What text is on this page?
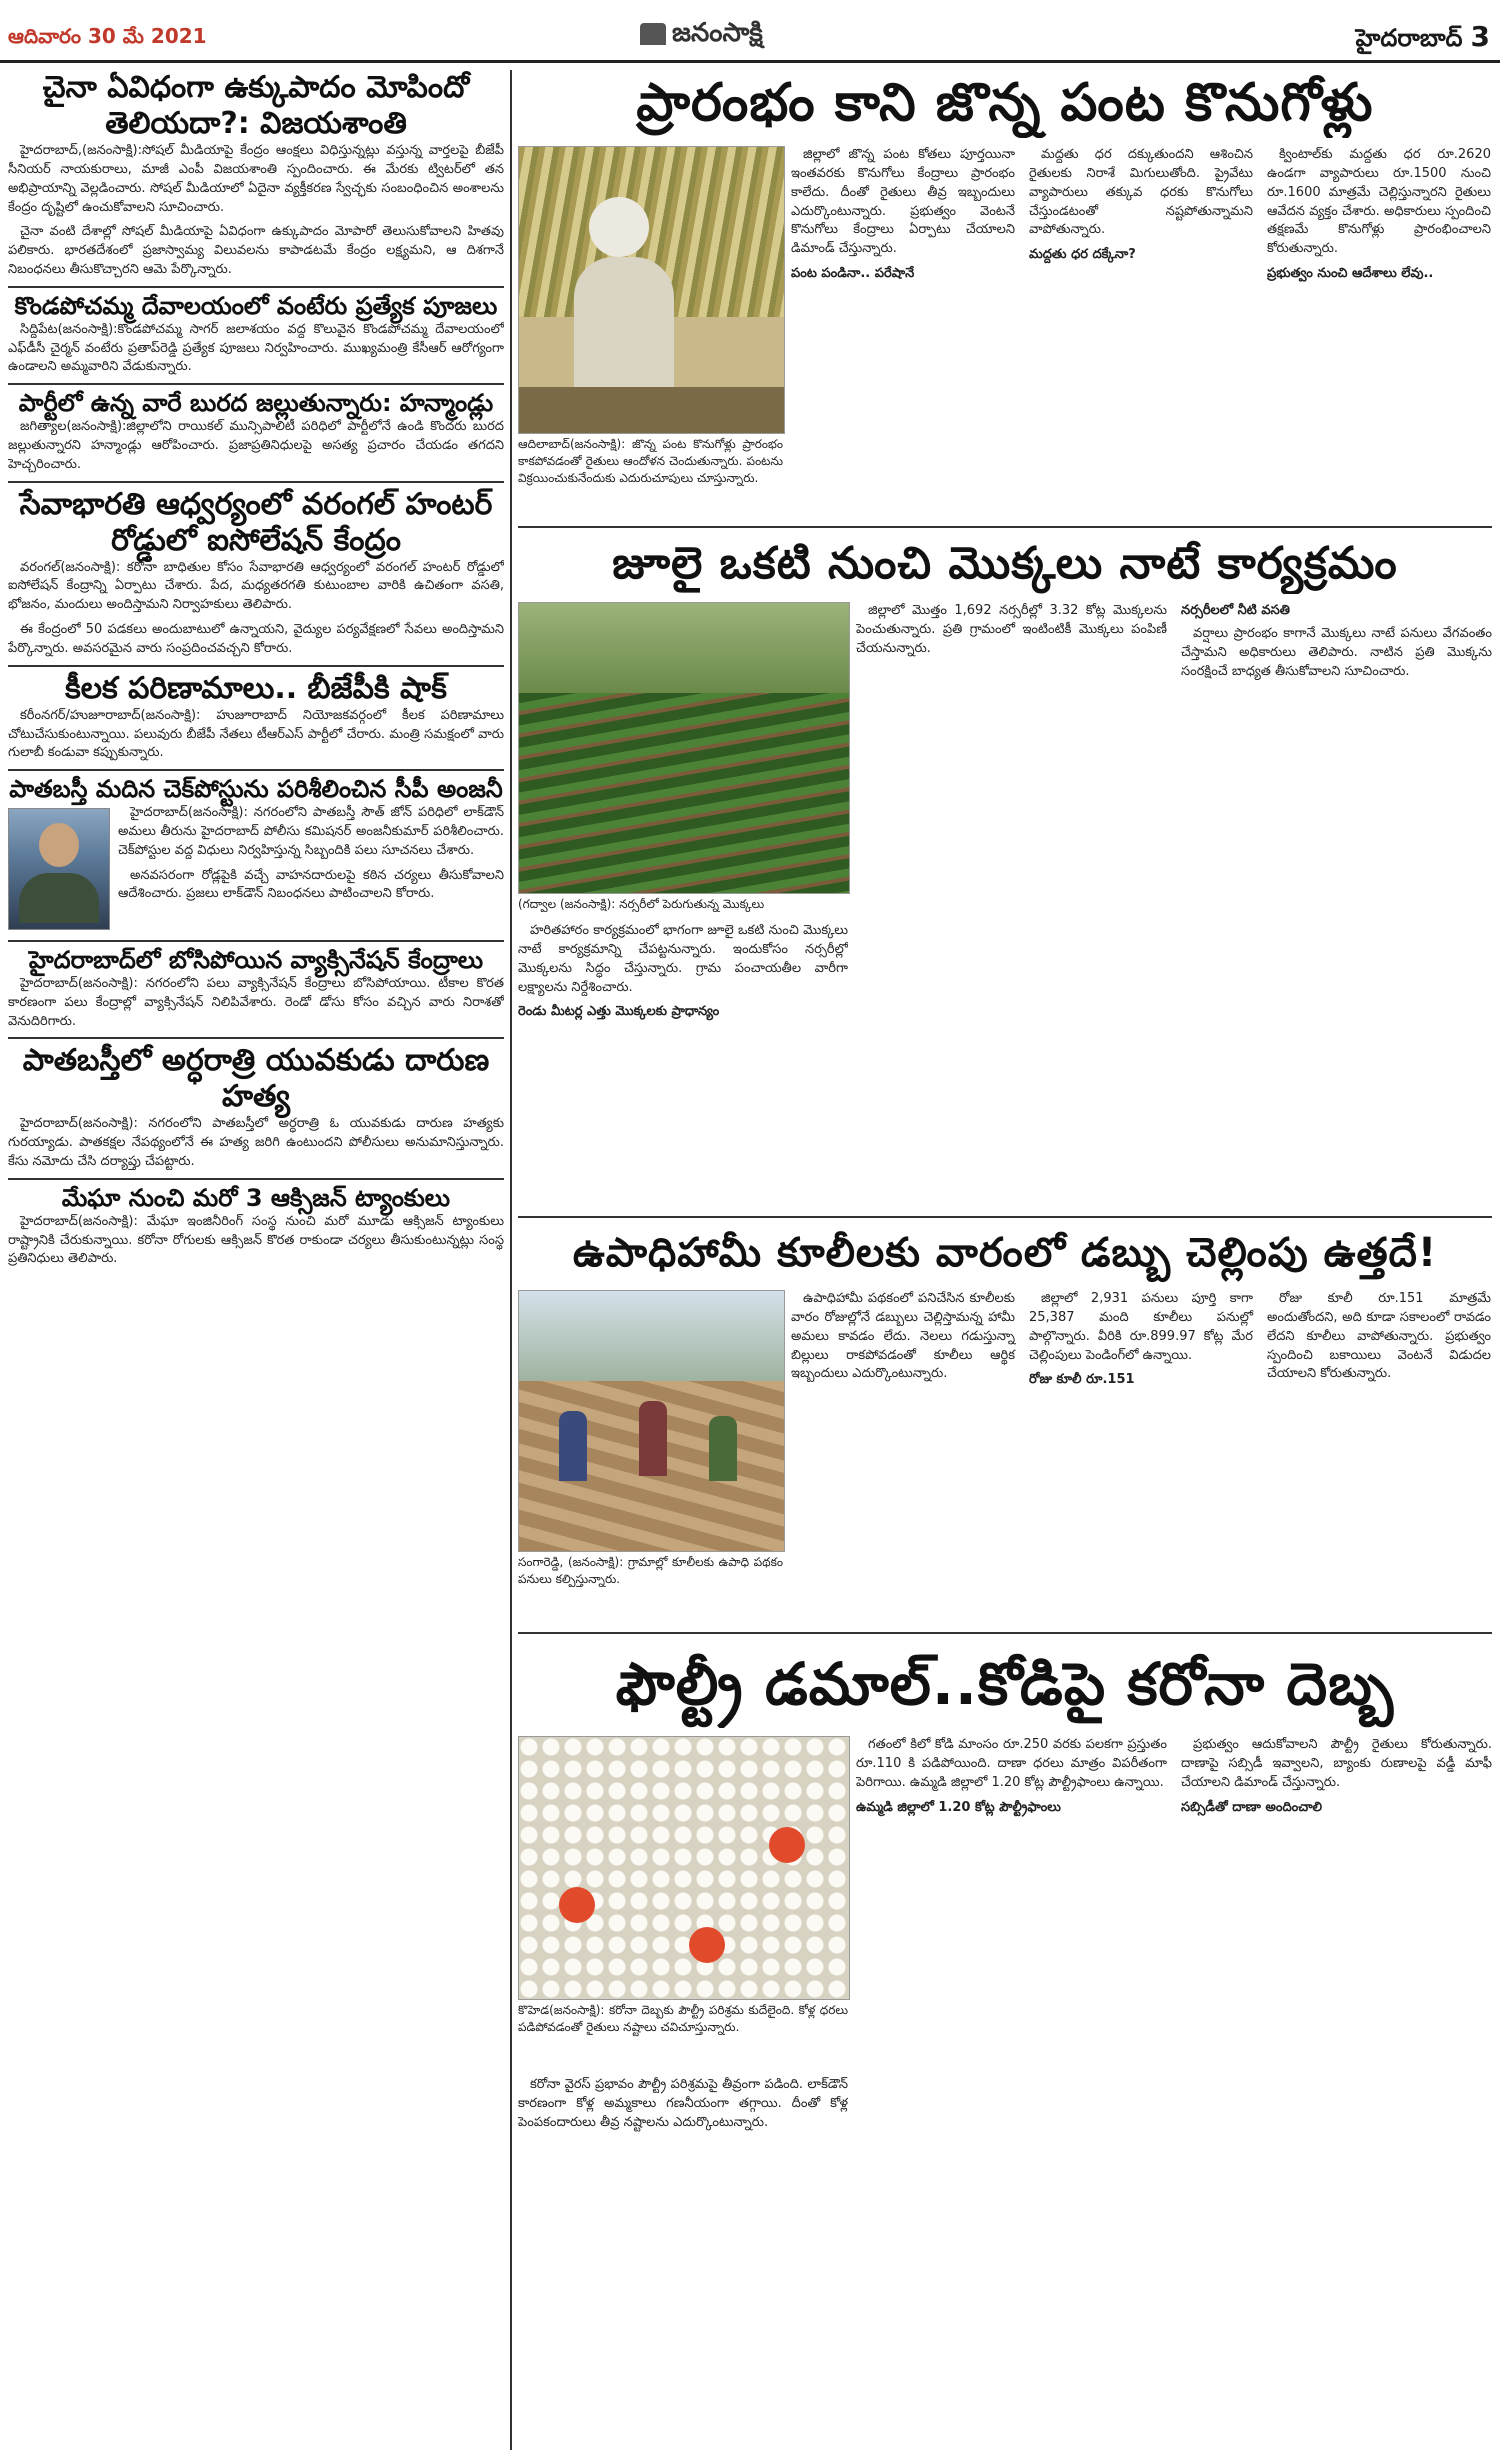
ఆదివారం 30 మే 2021	జనంసాక్షి	హైదరాబాద్ 3
చైనా ఏవిధంగా ఉక్కుపాదం మోపిందో తెలియదా?: విజయశాంతి

హైదరాబాద్‌,(జనంసాక్షి):సోషల్‌ మీడియాపై కేంద్రం ఆంక్షలు విధిస్తున్నట్లు వస్తున్న వార్తలపై బీజేపీ సీనియర్‌ నాయకురాలు, మాజీ ఎంపీ విజయశాంతి స్పందించారు. ఈ మేరకు ట్విటర్‌లో తన అభిప్రాయాన్ని వెల్లడించారు. సోషల్‌ మీడియాలో ఏదైనా వ్యక్తీకరణ స్వేచ్ఛకు సంబంధించిన అంశాలను కేంద్రం దృష్టిలో ఉంచుకోవాలని సూచించారు.

చైనా వంటి దేశాల్లో సోషల్‌ మీడియాపై ఏవిధంగా ఉక్కుపాదం మోపారో తెలుసుకోవాలని హితవు పలికారు. భారతదేశంలో ప్రజాస్వామ్య విలువలను కాపాడటమే కేంద్రం లక్ష్యమని, ఆ దిశగానే నిబంధనలు తీసుకొచ్చారని ఆమె పేర్కొన్నారు.

కొండపోచమ్మ దేవాలయంలో వంటేరు ప్రత్యేక పూజలు

సిద్దిపేట(జనంసాక్షి):కొండపోచమ్మ సాగర్‌ జలాశయం వద్ద కొలువైన కొండపోచమ్మ దేవాలయంలో ఎఫ్‌డీసీ చైర్మన్‌ వంటేరు ప్రతాప్‌రెడ్డి ప్రత్యేక పూజలు నిర్వహించారు. ముఖ్యమంత్రి కేసీఆర్‌ ఆరోగ్యంగా ఉండాలని అమ్మవారిని వేడుకున్నారు.

పార్టీలో ఉన్న వారే బురద జల్లుతున్నారు: హన్మాండ్లు

జగిత్యాల(జనంసాక్షి):జిల్లాలోని రాయికల్‌ మున్సిపాలిటీ పరిధిలో పార్టీలోనే ఉండి కొందరు బురద జల్లుతున్నారని హన్మాండ్లు ఆరోపించారు. ప్రజాప్రతినిధులపై అసత్య ప్రచారం చేయడం తగదని హెచ్చరించారు.

సేవాభారతి ఆధ్వర్యంలో వరంగల్‌ హంటర్‌ రోడ్డులో ఐసోలేషన్‌ కేంద్రం

వరంగల్‌(జనంసాక్షి): కరోనా బాధితుల కోసం సేవాభారతి ఆధ్వర్యంలో వరంగల్‌ హంటర్‌ రోడ్డులో ఐసోలేషన్‌ కేంద్రాన్ని ఏర్పాటు చేశారు. పేద, మధ్యతరగతి కుటుంబాల వారికి ఉచితంగా వసతి, భోజనం, మందులు అందిస్తామని నిర్వాహకులు తెలిపారు.

ఈ కేంద్రంలో 50 పడకలు అందుబాటులో ఉన్నాయని, వైద్యుల పర్యవేక్షణలో సేవలు అందిస్తామని పేర్కొన్నారు. అవసరమైన వారు సంప్రదించవచ్చని కోరారు.

కీలక పరిణామాలు.. బీజేపీకి షాక్‌

కరీంనగర్‌/హుజూరాబాద్‌(జనంసాక్షి): హుజూరాబాద్‌ నియోజకవర్గంలో కీలక పరిణామాలు చోటుచేసుకుంటున్నాయి. పలువురు బీజేపీ నేతలు టీఆర్‌ఎస్‌ పార్టీలో చేరారు. మంత్రి సమక్షంలో వారు గులాబీ కండువా కప్పుకున్నారు.

పాతబస్తీ మదిన చెక్‌పోస్టును పరిశీలించిన సీపీ అంజనీ

హైదరాబాద్‌(జనంసాక్షి): నగరంలోని పాతబస్తీ సౌత్‌ జోన్‌ పరిధిలో లాక్‌డౌన్‌ అమలు తీరును హైదరాబాద్‌ పోలీసు కమిషనర్‌ అంజనీకుమార్‌ పరిశీలించారు. చెక్‌పోస్టుల వద్ద విధులు నిర్వహిస్తున్న సిబ్బందికి పలు సూచనలు చేశారు.

అనవసరంగా రోడ్లపైకి వచ్చే వాహనదారులపై కఠిన చర్యలు తీసుకోవాలని ఆదేశించారు. ప్రజలు లాక్‌డౌన్‌ నిబంధనలు పాటించాలని కోరారు.

హైదరాబాద్‌లో బోసిపోయిన వ్యాక్సినేషన్‌ కేంద్రాలు

హైదరాబాద్‌(జనంసాక్షి): నగరంలోని పలు వ్యాక్సినేషన్‌ కేంద్రాలు బోసిపోయాయి. టీకాల కొరత కారణంగా పలు కేంద్రాల్లో వ్యాక్సినేషన్‌ నిలిపివేశారు. రెండో డోసు కోసం వచ్చిన వారు నిరాశతో వెనుదిరిగారు.

పాతబస్తీలో అర్ధరాత్రి యువకుడు దారుణ హత్య

హైదరాబాద్‌(జనంసాక్షి): నగరంలోని పాతబస్తీలో అర్ధరాత్రి ఓ యువకుడు దారుణ హత్యకు గురయ్యాడు. పాతకక్షల నేపథ్యంలోనే ఈ హత్య జరిగి ఉంటుందని పోలీసులు అనుమానిస్తున్నారు. కేసు నమోదు చేసి దర్యాప్తు చేపట్టారు.

మేఘా నుంచి మరో 3 ఆక్సిజన్‌ ట్యాంకులు

హైదరాబాద్‌(జనంసాక్షి): మేఘా ఇంజినీరింగ్‌ సంస్థ నుంచి మరో మూడు ఆక్సిజన్‌ ట్యాంకులు రాష్ట్రానికి చేరుకున్నాయి. కరోనా రోగులకు ఆక్సిజన్‌ కొరత రాకుండా చర్యలు తీసుకుంటున్నట్లు సంస్థ ప్రతినిధులు తెలిపారు.

ప్రారంభం కాని జొన్న పంట కొనుగోళ్లు
ఆదిలాబాద్‌(జనంసాక్షి): జొన్న పంట కొనుగోళ్లు ప్రారంభం కాకపోవడంతో రైతులు ఆందోళన చెందుతున్నారు. పంటను విక్రయించుకునేందుకు ఎదురుచూపులు చూస్తున్నారు.

జిల్లాలో జొన్న పంట కోతలు పూర్తయినా ఇంతవరకు కొనుగోలు కేంద్రాలు ప్రారంభం కాలేదు. దీంతో రైతులు తీవ్ర ఇబ్బందులు ఎదుర్కొంటున్నారు. ప్రభుత్వం వెంటనే కొనుగోలు కేంద్రాలు ఏర్పాటు చేయాలని డిమాండ్‌ చేస్తున్నారు.

పంట పండినా.. పరేషానే

మద్దతు ధర దక్కుతుందని ఆశించిన రైతులకు నిరాశే మిగులుతోంది. ప్రైవేటు వ్యాపారులు తక్కువ ధరకు కొనుగోలు చేస్తుండటంతో నష్టపోతున్నామని వాపోతున్నారు.

మద్దతు ధర దక్కేనా?

క్వింటాల్‌కు మద్దతు ధర రూ.2620 ఉండగా వ్యాపారులు రూ.1500 నుంచి రూ.1600 మాత్రమే చెల్లిస్తున్నారని రైతులు ఆవేదన వ్యక్తం చేశారు. అధికారులు స్పందించి తక్షణమే కొనుగోళ్లు ప్రారంభించాలని కోరుతున్నారు.

ప్రభుత్వం నుంచి ఆదేశాలు లేవు..
జూలై ఒకటి నుంచి మొక్కలు నాటే కార్యక్రమం
(గద్వాల (జనంసాక్షి): నర్సరీలో పెరుగుతున్న మొక్కలు

హరితహారం కార్యక్రమంలో భాగంగా జూలై ఒకటి నుంచి మొక్కలు నాటే కార్యక్రమాన్ని చేపట్టనున్నారు. ఇందుకోసం నర్సరీల్లో మొక్కలను సిద్ధం చేస్తున్నారు. గ్రామ పంచాయతీల వారీగా లక్ష్యాలను నిర్దేశించారు.

రెండు మీటర్ల ఎత్తు మొక్కలకు ప్రాధాన్యం

జిల్లాలో మొత్తం 1,692 నర్సరీల్లో 3.32 కోట్ల మొక్కలను పెంచుతున్నారు. ప్రతి గ్రామంలో ఇంటింటికీ మొక్కలు పంపిణీ చేయనున్నారు.

నర్సరీలలో నీటి వసతి

వర్షాలు ప్రారంభం కాగానే మొక్కలు నాటే పనులు వేగవంతం చేస్తామని అధికారులు తెలిపారు. నాటిన ప్రతి మొక్కను సంరక్షించే బాధ్యత తీసుకోవాలని సూచించారు.

ఉపాధిహామీ కూలీలకు వారంలో డబ్బు చెల్లింపు ఉత్తదే!
సంగారెడ్డి, (జనంసాక్షి): గ్రామాల్లో కూలీలకు ఉపాధి పథకం పనులు కల్పిస్తున్నారు.

ఉపాధిహామీ పథకంలో పనిచేసిన కూలీలకు వారం రోజుల్లోనే డబ్బులు చెల్లిస్తామన్న హామీ అమలు కావడం లేదు. నెలలు గడుస్తున్నా బిల్లులు రాకపోవడంతో కూలీలు ఆర్థిక ఇబ్బందులు ఎదుర్కొంటున్నారు.

జిల్లాలో 2,931 పనులు పూర్తి కాగా 25,387 మంది కూలీలు పనుల్లో పాల్గొన్నారు. వీరికి రూ.899.97 కోట్ల మేర చెల్లింపులు పెండింగ్‌లో ఉన్నాయి.

రోజు కూలీ రూ.151

రోజు కూలీ రూ.151 మాత్రమే అందుతోందని, అది కూడా సకాలంలో రావడం లేదని కూలీలు వాపోతున్నారు. ప్రభుత్వం స్పందించి బకాయిలు వెంటనే విడుదల చేయాలని కోరుతున్నారు.

ఫౌల్ట్రీ డమాల్‌..కోడిపై కరోనా దెబ్బ
కొహెడ(జనంసాక్షి): కరోనా దెబ్బకు పౌల్ట్రీ పరిశ్రమ కుదేలైంది. కోళ్ల ధరలు పడిపోవడంతో రైతులు నష్టాలు చవిచూస్తున్నారు.

కరోనా వైరస్‌ ప్రభావం పౌల్ట్రీ పరిశ్రమపై తీవ్రంగా పడింది. లాక్‌డౌన్‌ కారణంగా కోళ్ల అమ్మకాలు గణనీయంగా తగ్గాయి. దీంతో కోళ్ల పెంపకందారులు తీవ్ర నష్టాలను ఎదుర్కొంటున్నారు.

గతంలో కిలో కోడి మాంసం రూ.250 వరకు పలకగా ప్రస్తుతం రూ.110 కి పడిపోయింది. దాణా ధరలు మాత్రం విపరీతంగా పెరిగాయి. ఉమ్మడి జిల్లాలో 1.20 కోట్ల పౌల్ట్రీఫాంలు ఉన్నాయి.

ఉమ్మడి జిల్లాలో 1.20 కోట్ల పౌల్ట్రీఫాంలు

ప్రభుత్వం ఆదుకోవాలని పౌల్ట్రీ రైతులు కోరుతున్నారు. దాణాపై సబ్సిడీ ఇవ్వాలని, బ్యాంకు రుణాలపై వడ్డీ మాఫీ చేయాలని డిమాండ్‌ చేస్తున్నారు.

సబ్సిడీతో దాణా అందించాలి
